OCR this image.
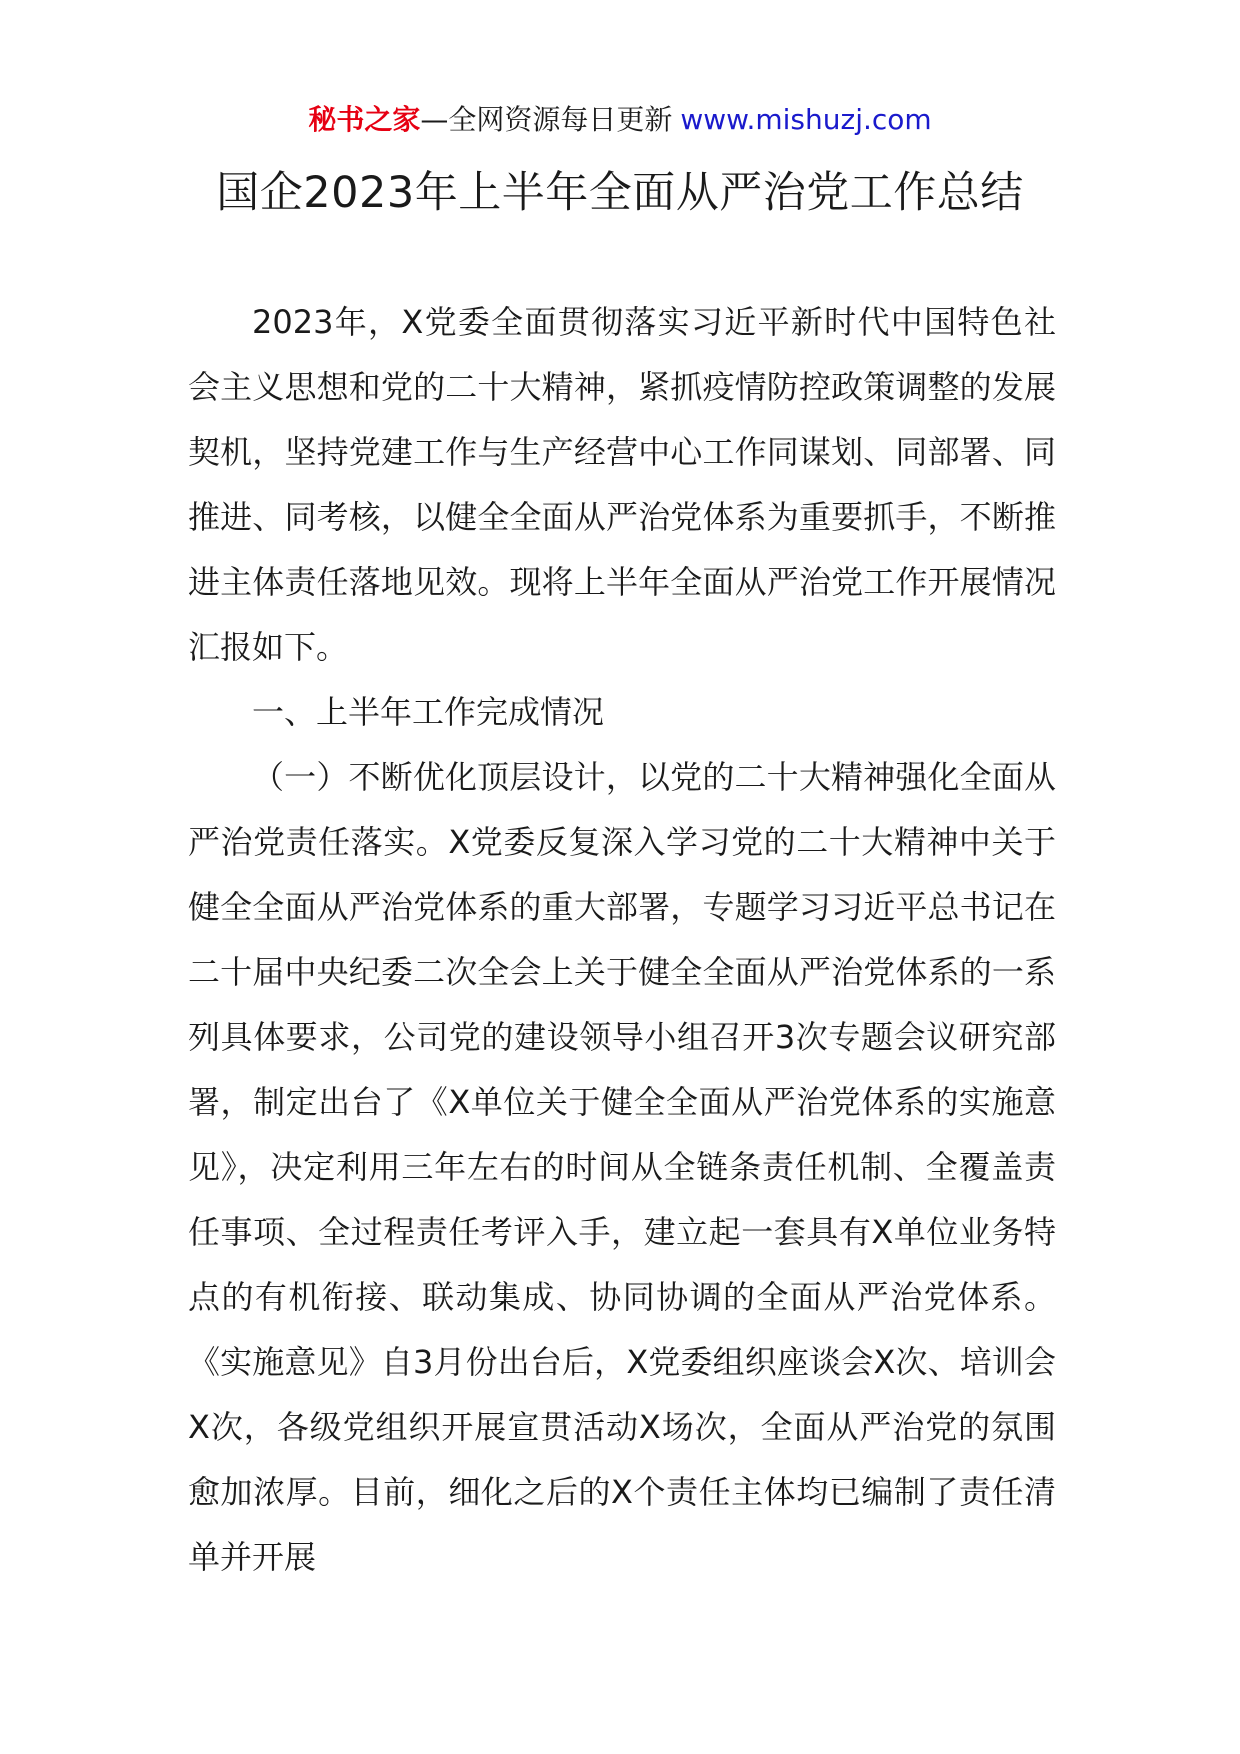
秘书之家—全网资源每日更新 www.mishuzj.com
国企2023年上半年全面从严治党工作总结

2023年，X党委全面贯彻落实习近平新时代中国特色社会主义思想和党的二十大精神，紧抓疫情防控政策调整的发展契机，坚持党建工作与生产经营中心工作同谋划、同部署、同推进、同考核，以健全全面从严治党体系为重要抓手，不断推进主体责任落地见效。现将上半年全面从严治党工作开展情况汇报如下。

一、上半年工作完成情况

（一）不断优化顶层设计，以党的二十大精神强化全面从严治党责任落实。X党委反复深入学习党的二十大精神中关于健全全面从严治党体系的重大部署，专题学习习近平总书记在二十届中央纪委二次全会上关于健全全面从严治党体系的一系列具体要求，公司党的建设领导小组召开3次专题会议研究部署，制定出台了《X单位关于健全全面从严治党体系的实施意见》，决定利用三年左右的时间从全链条责任机制、全覆盖责任事项、全过程责任考评入手，建立起一套具有X单位业务特点的有机衔接、联动集成、协同协调的全面从严治党体系。《实施意见》自3月份出台后，X党委组织座谈会X次、培训会X次，各级党组织开展宣贯活动X场次，全面从严治党的氛围愈加浓厚。目前，细化之后的X个责任主体均已编制了责任清单并开展
